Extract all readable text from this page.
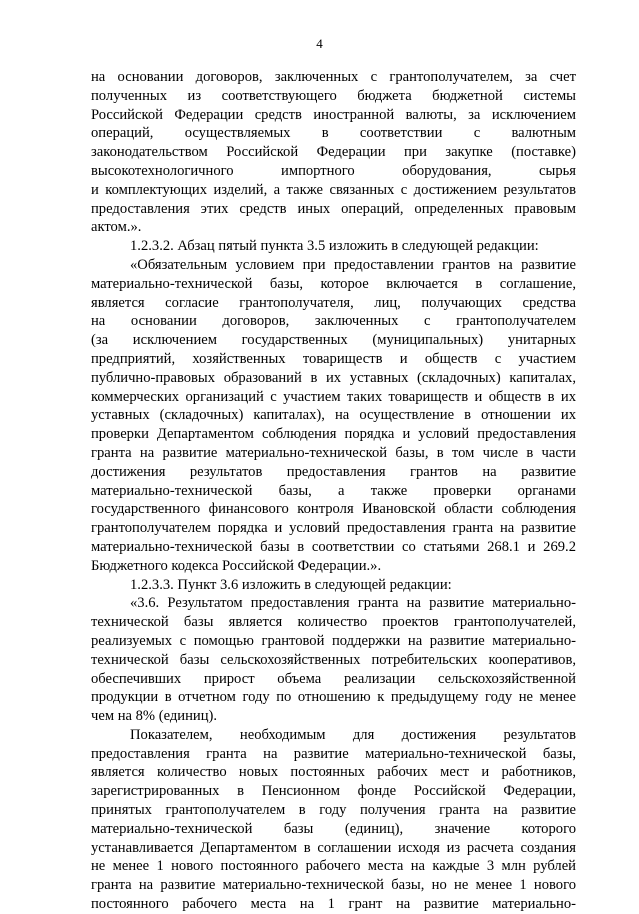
4
на основании договоров, заключенных с грантополучателем, за счет
полученных из соответствующего бюджета бюджетной системы
Российской Федерации средств иностранной валюты, за исключением
операций, осуществляемых в соответствии с валютным
законодательством Российской Федерации при закупке (поставке)
высокотехнологичного импортного оборудования, сырья
и комплектующих изделий, а также связанных с достижением результатов
предоставления этих средств иных операций, определенных правовым
актом.».
1.2.3.2. Абзац пятый пункта 3.5 изложить в следующей редакции:
«Обязательным условием при предоставлении грантов на развитие
материально-технической базы, которое включается в соглашение,
является согласие грантополучателя, лиц, получающих средства
на основании договоров, заключенных с грантополучателем
(за исключением государственных (муниципальных) унитарных
предприятий, хозяйственных товариществ и обществ с участием
публично-правовых образований в их уставных (складочных) капиталах,
коммерческих организаций с участием таких товариществ и обществ в их
уставных (складочных) капиталах), на осуществление в отношении их
проверки Департаментом соблюдения порядка и условий предоставления
гранта на развитие материально-технической базы, в том числе в части
достижения результатов предоставления грантов на развитие
материально-технической базы, а также проверки органами
государственного финансового контроля Ивановской области соблюдения
грантополучателем порядка и условий предоставления гранта на развитие
материально-технической базы в соответствии со статьями 268.1 и 269.2
Бюджетного кодекса Российской Федерации.».
1.2.3.3. Пункт 3.6 изложить в следующей редакции:
«3.6. Результатом предоставления гранта на развитие материально-
технической базы является количество проектов грантополучателей,
реализуемых с помощью грантовой поддержки на развитие материально-
технической базы сельскохозяйственных потребительских кооперативов,
обеспечивших прирост объема реализации сельскохозяйственной
продукции в отчетном году по отношению к предыдущему году не менее
чем на 8% (единиц).
Показателем, необходимым для достижения результатов
предоставления гранта на развитие материально-технической базы,
является количество новых постоянных рабочих мест и работников,
зарегистрированных в Пенсионном фонде Российской Федерации,
принятых грантополучателем в году получения гранта на развитие
материально-технической базы (единиц), значение которого
устанавливается Департаментом в соглашении исходя из расчета создания
не менее 1 нового постоянного рабочего места на каждые 3 млн рублей
гранта на развитие материально-технической базы, но не менее 1 нового
постоянного рабочего места на 1 грант на развитие материально-
